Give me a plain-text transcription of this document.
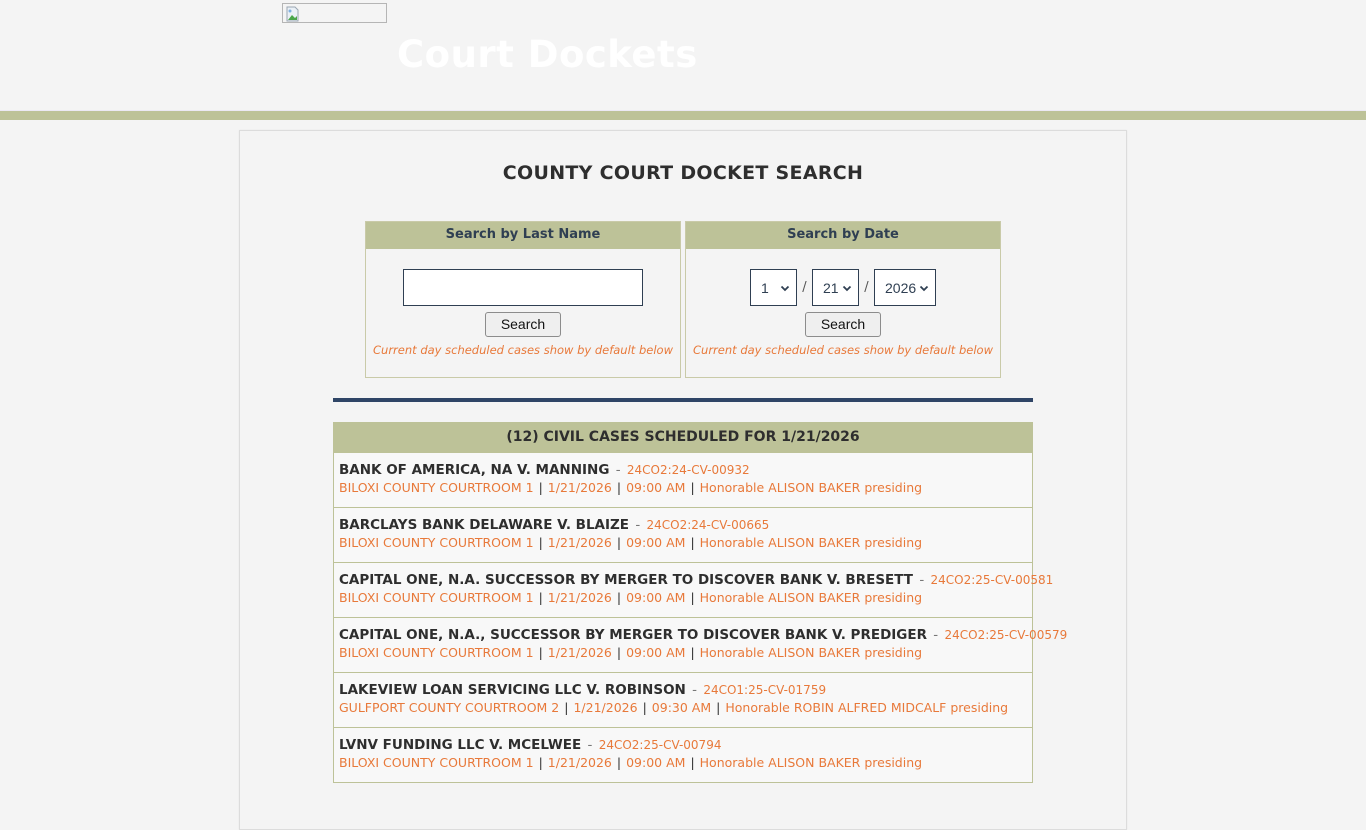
Court Dockets
COUNTY COURT DOCKET SEARCH
Search by Last Name
Search
Current day scheduled cases show by default below
Search by Date
1	/	21	/	2026
Search
Current day scheduled cases show by default below
(12) CIVIL CASES SCHEDULED FOR 1/21/2026
BANK OF AMERICA, NA V. MANNING - 24CO2:24-CV-00932
BILOXI COUNTY COURTROOM 1 | 1/21/2026 | 09:00 AM | Honorable ALISON BAKER presiding
BARCLAYS BANK DELAWARE V. BLAIZE - 24CO2:24-CV-00665
BILOXI COUNTY COURTROOM 1 | 1/21/2026 | 09:00 AM | Honorable ALISON BAKER presiding
CAPITAL ONE, N.A. SUCCESSOR BY MERGER TO DISCOVER BANK V. BRESETT - 24CO2:25-CV-00581
BILOXI COUNTY COURTROOM 1 | 1/21/2026 | 09:00 AM | Honorable ALISON BAKER presiding
CAPITAL ONE, N.A., SUCCESSOR BY MERGER TO DISCOVER BANK V. PREDIGER - 24CO2:25-CV-00579
BILOXI COUNTY COURTROOM 1 | 1/21/2026 | 09:00 AM | Honorable ALISON BAKER presiding
LAKEVIEW LOAN SERVICING LLC V. ROBINSON - 24CO1:25-CV-01759
GULFPORT COUNTY COURTROOM 2 | 1/21/2026 | 09:30 AM | Honorable ROBIN ALFRED MIDCALF presiding
LVNV FUNDING LLC V. MCELWEE - 24CO2:25-CV-00794
BILOXI COUNTY COURTROOM 1 | 1/21/2026 | 09:00 AM | Honorable ALISON BAKER presiding
